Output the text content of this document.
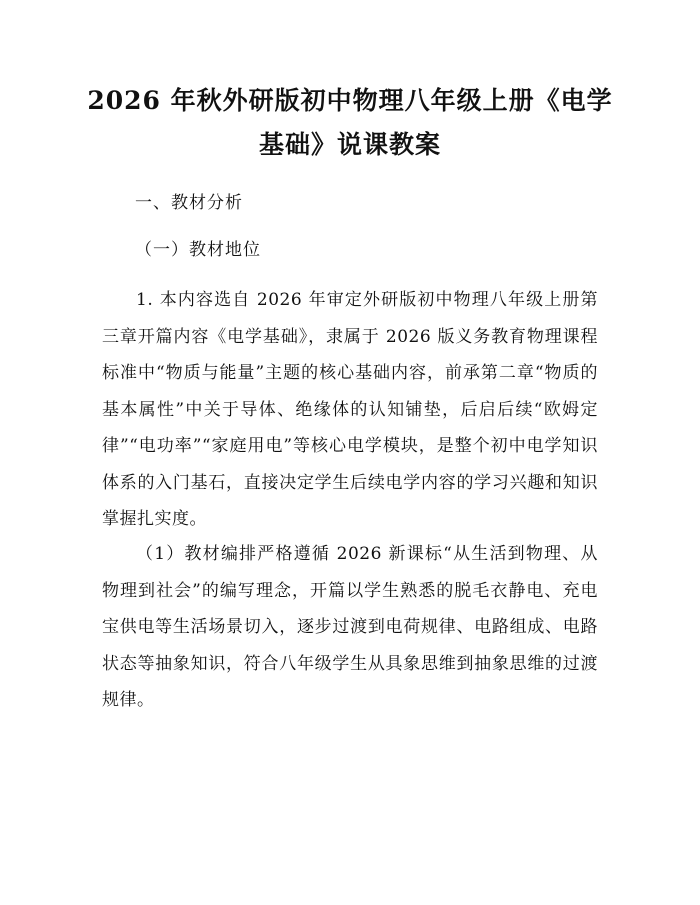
2026 年秋外研版初中物理八年级上册《电学
基础》说课教案
一、教材分析
（一）教材地位

1. 本内容选自 2026 年审定外研版初中物理八年级上册第三章开篇内容《电学基础》，隶属于 2026 版义务教育物理课程标准中“物质与能量”主题的核心基础内容，前承第二章“物质的基本属性”中关于导体、绝缘体的认知铺垫，后启后续“欧姆定律”“电功率”“家庭用电”等核心电学模块，是整个初中电学知识体系的入门基石，直接决定学生后续电学内容的学习兴趣和知识掌握扎实度。

（1）教材编排严格遵循 2026 新课标“从生活到物理、从物理到社会”的编写理念，开篇以学生熟悉的脱毛衣静电、充电宝供电等生活场景切入，逐步过渡到电荷规律、电路组成、电路状态等抽象知识，符合八年级学生从具象思维到抽象思维的过渡规律。
